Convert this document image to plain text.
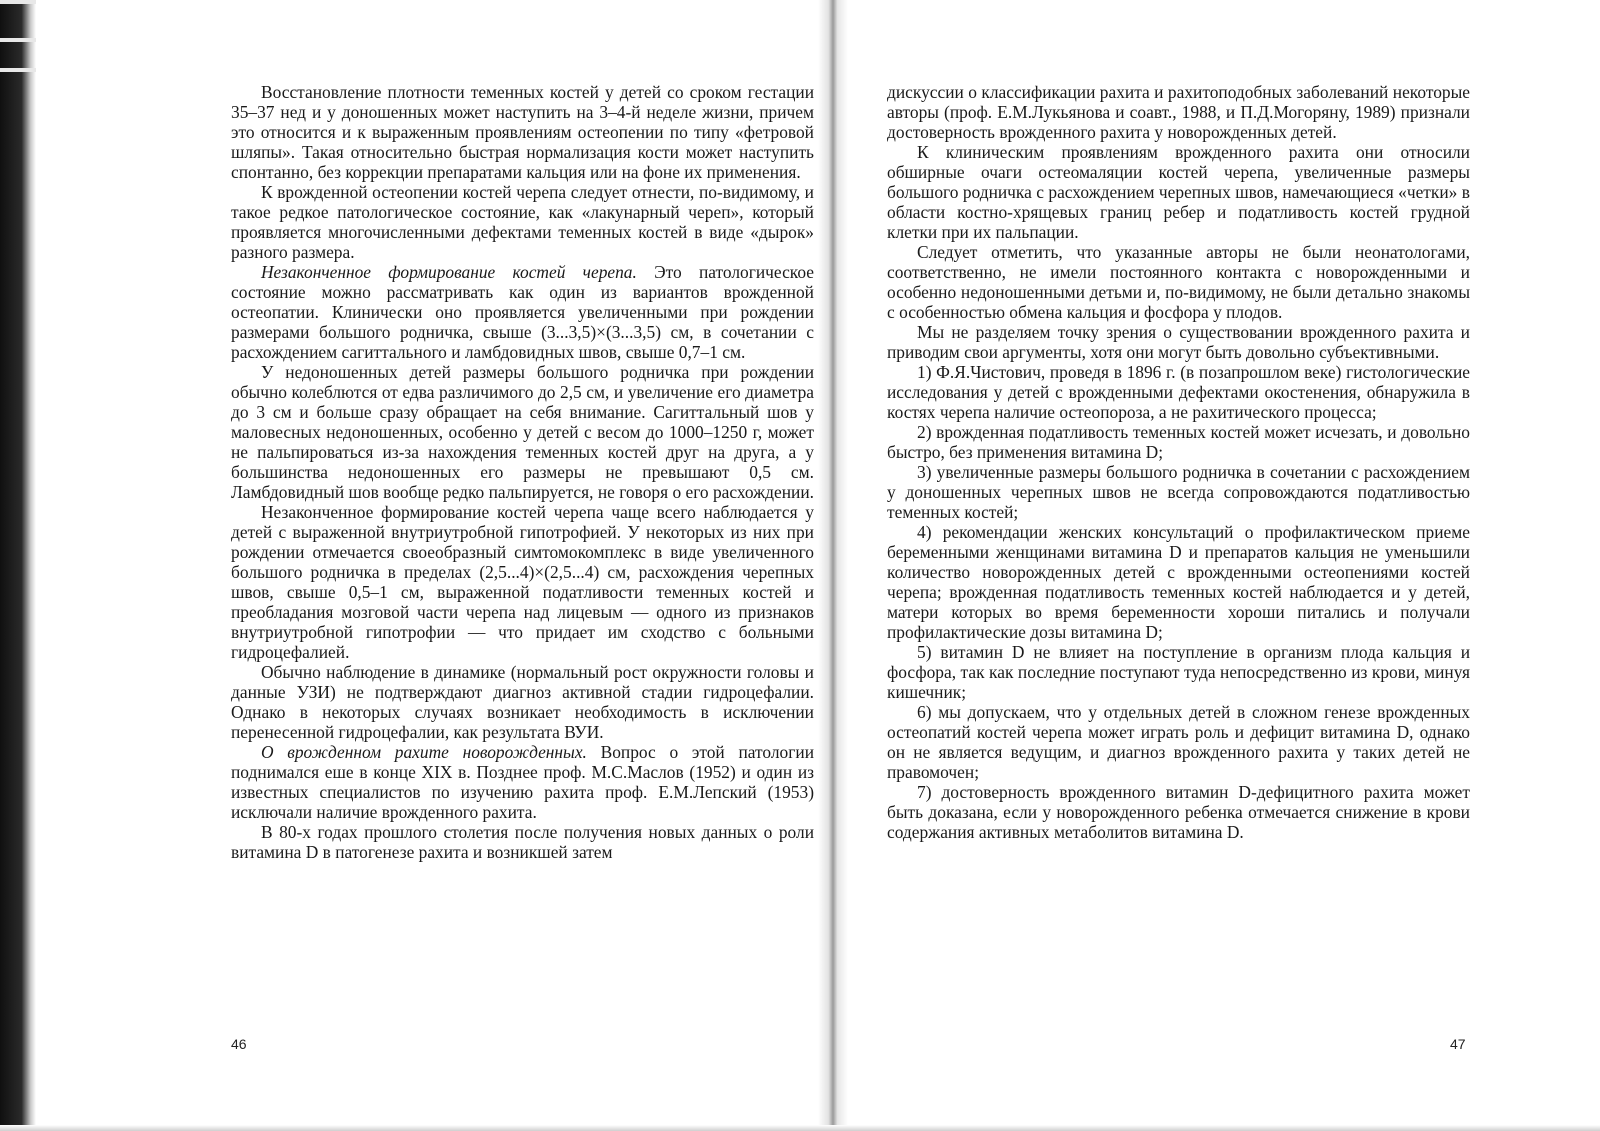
Восстановление плотности теменных костей у детей со сроком гестации 35–37 нед и у доношенных может наступить на 3–4-й неделе жизни, причем это относится и к выраженным проявлениям остеопении по типу «фетровой шляпы». Такая относительно быстрая нормализация кости может наступить спонтанно, без коррекции препаратами кальция или на фоне их применения.

К врожденной остеопении костей черепа следует отнести, по-видимому, и такое редкое патологическое состояние, как «лакунарный череп», который проявляется многочисленными дефектами теменных костей в виде «дырок» разного размера.

Незаконченное формирование костей черепа. Это патологическое состояние можно рассматривать как один из вариантов врожденной остеопатии. Клинически оно проявляется увеличенными при рождении размерами большого родничка, свыше (3...3,5)×(3...3,5) см, в сочетании с расхождением сагиттального и ламбдовидных швов, свыше 0,7–1 см.

У недоношенных детей размеры большого родничка при рождении обычно колеблются от едва различимого до 2,5 см, и увеличение его диаметра до 3 см и больше сразу обращает на себя внимание. Сагиттальный шов у маловесных недоношенных, особенно у детей с весом до 1000–1250 г, может не пальпироваться из-за нахождения теменных костей друг на друга, а у большинства недоношенных его размеры не превышают 0,5 см. Ламбдовидный шов вообще редко пальпируется, не говоря о его расхождении.

Незаконченное формирование костей черепа чаще всего наблюдается у детей с выраженной внутриутробной гипотрофией. У некоторых из них при рождении отмечается своеобразный симтомокомплекс в виде увеличенного большого родничка в пределах (2,5...4)×(2,5...4) см, расхождения черепных швов, свыше 0,5–1 см, выраженной податливости теменных костей и преобладания мозговой части черепа над лицевым — одного из признаков внутриутробной гипотрофии — что придает им сходство с больными гидроцефалией.

Обычно наблюдение в динамике (нормальный рост окружности головы и данные УЗИ) не подтверждают диагноз активной стадии гидроцефалии. Однако в некоторых случаях возникает необходимость в исключении перенесенной гидроцефалии, как результата ВУИ.

О врожденном рахите новорожденных. Вопрос о этой патологии поднимался еше в конце XIX в. Позднее проф. М.С.Маслов (1952) и один из известных специалистов по изучению рахита проф. Е.М.Лепский (1953) исключали наличие врожденного рахита.

В 80-х годах прошлого столетия после получения новых данных о роли витамина D в патогенезе рахита и возникшей затем

46

дискуссии о классификации рахита и рахитоподобных заболеваний некоторые авторы (проф. Е.М.Лукьянова и соавт., 1988, и П.Д.Могоряну, 1989) признали достоверность врожденного рахита у новорожденных детей.

К клиническим проявлениям врожденного рахита они относили обширные очаги остеомаляции костей черепа, увеличенные размеры большого родничка с расхождением черепных швов, намечающиеся «четки» в области костно-хрящевых границ ребер и податливость костей грудной клетки при их пальпации.

Следует отметить, что указанные авторы не были неонатологами, соответственно, не имели постоянного контакта с новорожденными и особенно недоношенными детьми и, по-видимому, не были детально знакомы с особенностью обмена кальция и фосфора у плодов.

Мы не разделяем точку зрения о существовании врожденного рахита и приводим свои аргументы, хотя они могут быть довольно субъективными.

1) Ф.Я.Чистович, проведя в 1896 г. (в позапрошлом веке) гистологические исследования у детей с врожденными дефектами окостенения, обнаружила в костях черепа наличие остеопороза, а не рахитического процесса;

2) врожденная податливость теменных костей может исчезать, и довольно быстро, без применения витамина D;

3) увеличенные размеры большого родничка в сочетании с расхождением у доношенных черепных швов не всегда сопровождаются податливостью теменных костей;

4) рекомендации женских консультаций о профилактическом приеме беременными женщинами витамина D и препаратов кальция не уменьшили количество новорожденных детей с врожденными остеопениями костей черепа; врожденная податливость теменных костей наблюдается и у детей, матери которых во время беременности хороши питались и получали профилактические дозы витамина D;

5) витамин D не влияет на поступление в организм плода кальция и фосфора, так как последние поступают туда непосредственно из крови, минуя кишечник;

6) мы допускаем, что у отдельных детей в сложном генезе врожденных остеопатий костей черепа может играть роль и дефицит витамина D, однако он не является ведущим, и диагноз врожденного рахита у таких детей не правомочен;

7) достоверность врожденного витамин D-дефицитного рахита может быть доказана, если у новорожденного ребенка отмечается снижение в крови содержания активных метаболитов витамина D.

47
